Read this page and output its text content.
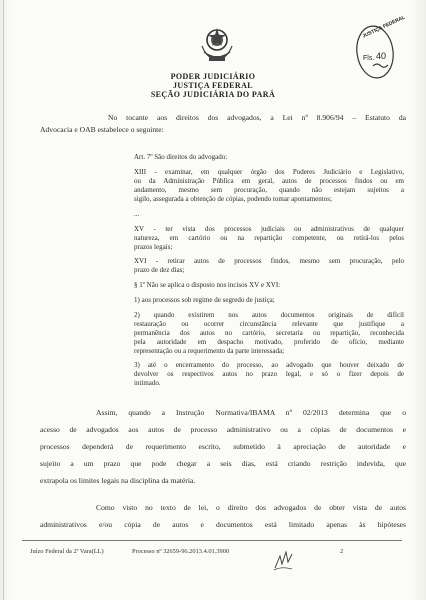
JUSTIÇA FEDERAL
Fls. 40
PODER JUDICIÁRIO
JUSTIÇA FEDERAL
SEÇÃO JUDICIÁRIA DO PARÁ
No tocante aos direitos dos advogados, a Lei nº 8.906/94 – Estatuto da
Advocacia e OAB estabelece o seguinte:
Art. 7º São direitos do advogado:
XIII - examinar, em qualquer órgão dos Poderes Judiciário e Legislativo,
ou da Administração Pública em geral, autos de processos findos ou em
andamento, mesmo sem procuração, quando não estejam sujeitos a
sigilo, assegurada a obtenção de cópias, podendo tomar apontamentos;
...
XV - ter vista dos processos judiciais ou administrativos de qualquer
natureza, em cartório ou na repartição competente, ou retirá-los pelos
prazos legais;
XVI - retirar autos de processos findos, mesmo sem procuração, pelo
prazo de dez dias;
§ 1º Não se aplica o disposto nos incisos XV e XVI:
1) aos processos sob regime de segredo de justiça;
2) quando existirem nos autos documentos originais de difícil
restauração ou ocorrer circunstância relevante que justifique a
permanência dos autos no cartório, secretaria ou repartição, reconhecida
pela autoridade em despacho motivado, proferido de ofício, mediante
representação ou a requerimento da parte interessada;
3) até o encerramento do processo, ao advogado que houver deixado de
devolver os respectivos autos no prazo legal, e só o fizer depois de
intimado.
Assim, quando a Instrução Normativa/IBAMA nº 02/2013 determina que o
acesso de advogados aos autos de processo administrativo ou a cópias de documentos e
processos dependerá de requerimento escrito, submetido à apreciação de autoridade e
sujeito a um prazo que pode chegar a seis dias, está criando restrição indevida, que
extrapola os limites legais na disciplina da matéria.
Como visto no texto de lei, o direito dos advogados de obter vista de autos
administrativos e/ou cópia de autos e documentos está limitado apenas às hipóteses
Juízo Federal da 2ª Vara(LL)	Processo nº 32659-96.2013.4.01.3900	2
